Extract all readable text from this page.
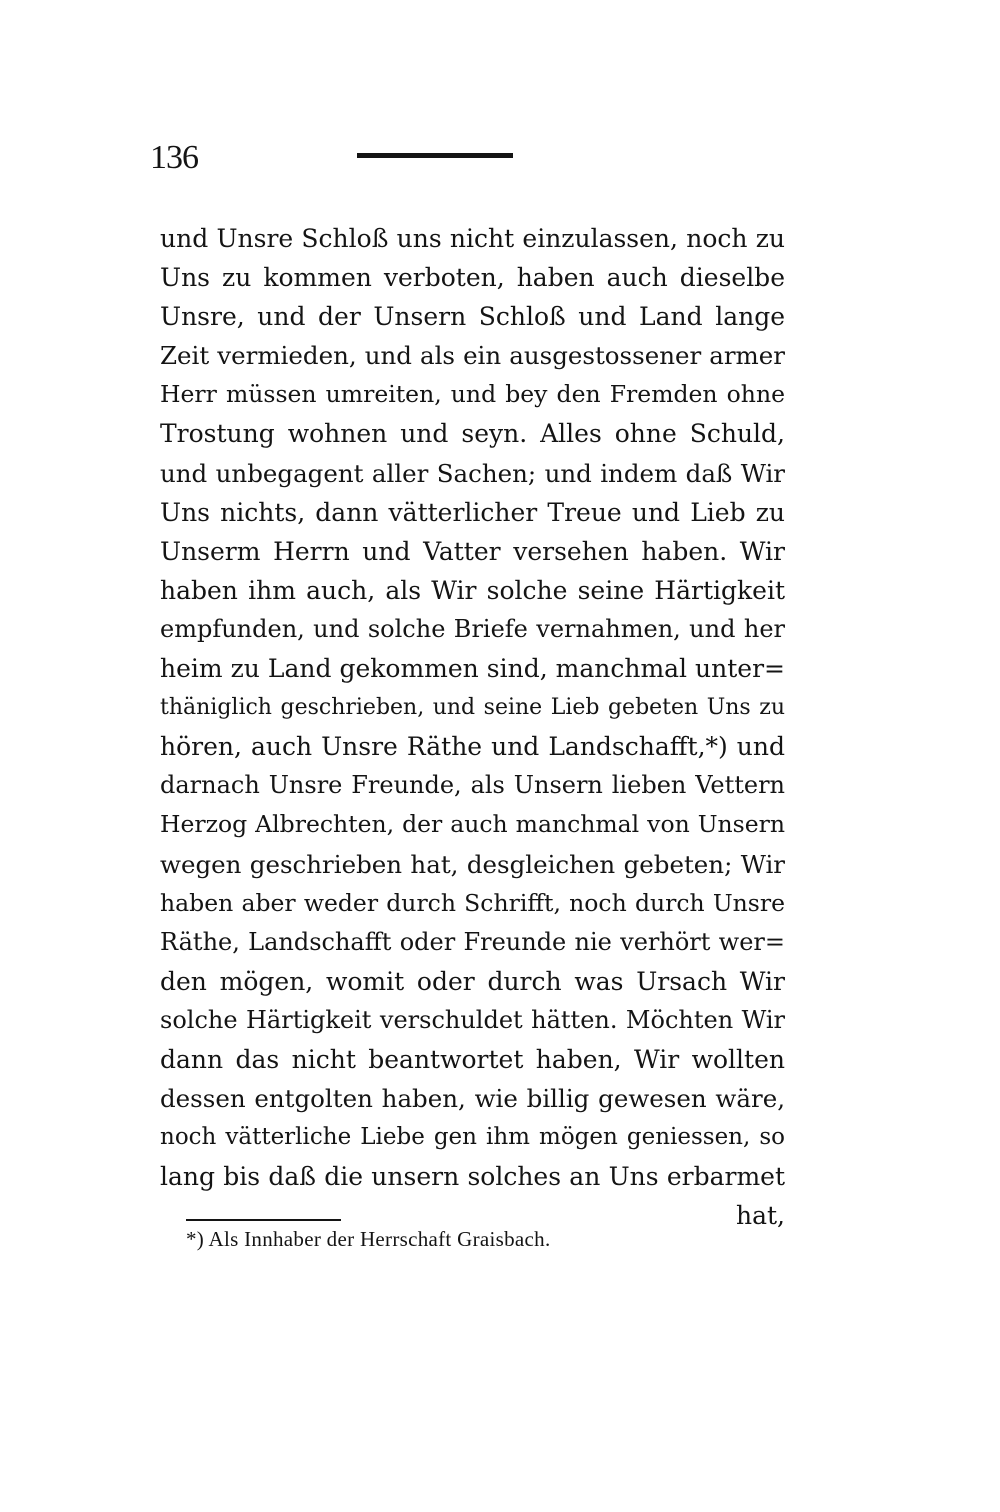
136
und Unsre Schloß uns nicht einzulassen, noch zu
Uns zu kommen verboten, haben auch dieselbe
Unsre, und der Unsern Schloß und Land lange
Zeit vermieden, und als ein ausgestossener armer
Herr müssen umreiten, und bey den Fremden ohne
Trostung wohnen und seyn. Alles ohne Schuld,
und unbegagent aller Sachen; und indem daß Wir
Uns nichts, dann vätterlicher Treue und Lieb zu
Unserm Herrn und Vatter versehen haben. Wir
haben ihm auch, als Wir solche seine Härtigkeit
empfunden, und solche Briefe vernahmen, und her
heim zu Land gekommen sind, manchmal unter=
thäniglich geschrieben, und seine Lieb gebeten Uns zu
hören, auch Unsre Räthe und Landschafft,*) und
darnach Unsre Freunde, als Unsern lieben Vettern
Herzog Albrechten, der auch manchmal von Unsern
wegen geschrieben hat, desgleichen gebeten; Wir
haben aber weder durch Schrifft, noch durch Unsre
Räthe, Landschafft oder Freunde nie verhört wer=
den mögen, womit oder durch was Ursach Wir
solche Härtigkeit verschuldet hätten. Möchten Wir
dann das nicht beantwortet haben, Wir wollten
dessen entgolten haben, wie billig gewesen wäre,
noch vätterliche Liebe gen ihm mögen geniessen, so
lang bis daß die unsern solches an Uns erbarmet
hat,
*) Als Innhaber der Herrschaft Graisbach.
